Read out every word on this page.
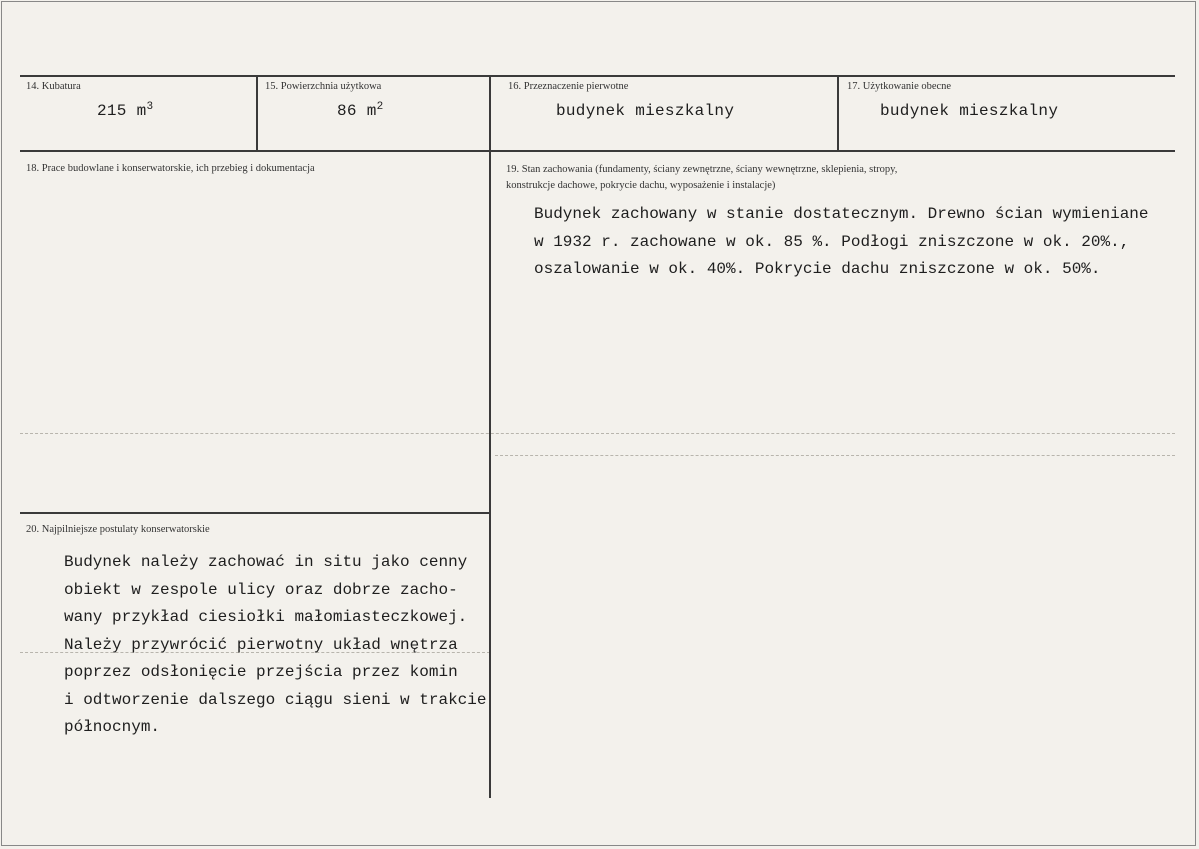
14. Kubatura
215 $m^3$
15. Powierzchnia użytkowa
86 $m^2$
16. Przeznaczenie pierwotne
budynek mieszkalny
17. Użytkowanie obecne
budynek mieszkalny
18. Prace budowlane i konserwatorskie, ich przebieg i dokumentacja	19. Stan zachowania (fundamenty, ściany zewnętrzne, ściany wewnętrzne, sklepienia, stropy,
konstrukcje dachowe, pokrycie dachu, wyposażenie i instalacje)
Budynek zachowany w stanie dostatecznym. Drewno ścian wymieniane
w 1932 r. zachowane w ok. 85 %. Podłogi zniszczone w ok. 20%.,
oszalowanie w ok. 40%. Pokrycie dachu zniszczone w ok. 50%.
20. Najpilniejsze postulaty konserwatorskie
Budynek należy zachować in situ jako cenny
obiekt w zespole ulicy oraz dobrze zacho-
wany przykład ciesiołki małomiasteczkowej.
Należy przywrócić pierwotny układ wnętrza
poprzez odsłonięcie przejścia przez komin
i odtworzenie dalszego ciągu sieni w trakcie
północnym.
